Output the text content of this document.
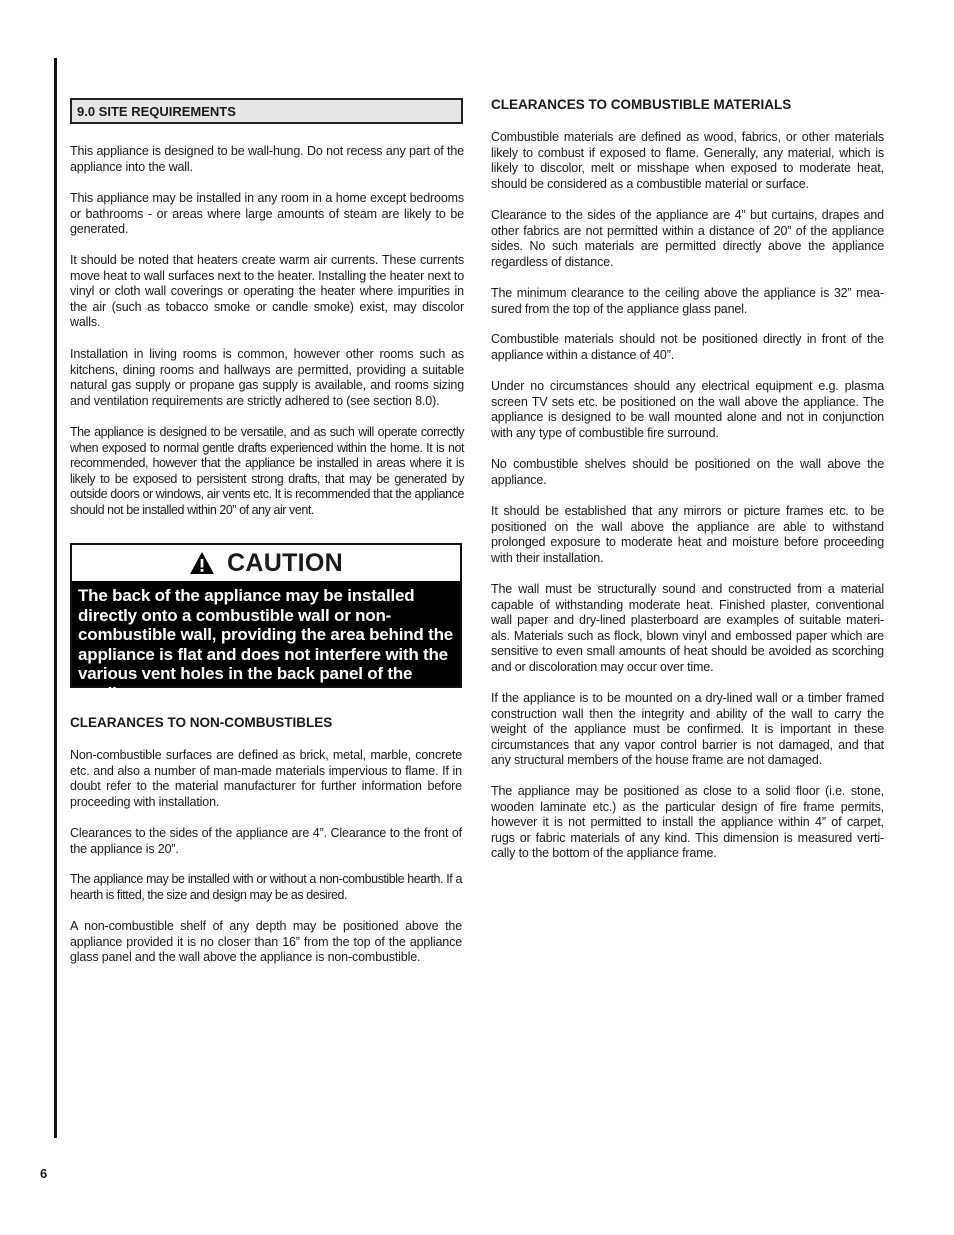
9.0 SITE REQUIREMENTS

This appliance is designed to be wall-hung. Do not recess any part of the appliance into the wall.

This appliance may be installed in any room in a home except bedrooms or bathrooms - or areas where large amounts of steam are likely to be generated.

It should be noted that heaters create warm air currents. These currents move heat to wall surfaces next to the heater. Installing the heater next to vinyl or cloth wall coverings or operating the heater where impurities in the air (such as tobacco smoke or candle smoke) exist, may discolor walls.

Installation in living rooms is common, however other rooms such as kitchens, dining rooms and hallways are permitted, providing a suitable natural gas supply or propane gas supply is available, and rooms sizing and ventilation requirements are strictly adhered to (see section 8.0).

The appliance is designed to be versatile, and as such will operate correctly when exposed to normal gentle drafts experienced within the home. It is not recommended, however that the appliance be installed in areas where it is likely to be exposed to persistent strong drafts, that may be generated by outside doors or windows, air vents etc. It is recommended that the appliance should not be installed within 20” of any air vent.

CAUTION
The back of the appliance may be installed directly onto a combustible wall or non-combustible wall, providing the area behind the appliance is flat and does not interfere with the various vent holes in the back panel of the appliance.
CLEARANCES TO NON-COMBUSTIBLES

Non-combustible surfaces are defined as brick, metal, marble, concrete etc. and also a number of man-made materials impervious to flame. If in doubt refer to the material manufacturer for further information before proceeding with installation.

Clearances to the sides of the appliance are 4”. Clearance to the front of the appliance is 20”.

The appliance may be installed with or without a non-combustible hearth. If a hearth is fitted, the size and design may be as desired.

A non-combustible shelf of any depth may be positioned above the appliance provided it is no closer than 16” from the top of the appliance glass panel and the wall above the appliance is non-combustible.

CLEARANCES TO COMBUSTIBLE MATERIALS

Combustible materials are defined as wood, fabrics, or other materials likely to combust if exposed to flame. Generally, any material, which is likely to discolor, melt or misshape when exposed to moderate heat, should be considered as a combustible material or surface.

Clearance to the sides of the appliance are 4” but curtains, drapes and other fabrics are not permitted within a distance of 20” of the appliance sides. No such materials are permitted directly above the appliance regardless of distance.

The minimum clearance to the ceiling above the appliance is 32” mea-sured from the top of the appliance glass panel.

Combustible materials should not be positioned directly in front of the appliance within a distance of 40”.

Under no circumstances should any electrical equipment e.g. plasma screen TV sets etc. be positioned on the wall above the appliance. The appliance is designed to be wall mounted alone and not in conjunction with any type of combustible fire surround.

No combustible shelves should be positioned on the wall above the appliance.

It should be established that any mirrors or picture frames etc. to be positioned on the wall above the appliance are able to withstand prolonged exposure to moderate heat and moisture before proceeding with their installation.

The wall must be structurally sound and constructed from a material capable of withstanding moderate heat. Finished plaster, conventional wall paper and dry-lined plasterboard are examples of suitable materi-als. Materials such as flock, blown vinyl and embossed paper which are sensitive to even small amounts of heat should be avoided as scorching and or discoloration may occur over time.

If the appliance is to be mounted on a dry-lined wall or a timber framed construction wall then the integrity and ability of the wall to carry the weight of the appliance must be confirmed. It is important in these circumstances that any vapor control barrier is not damaged, and that any structural members of the house frame are not damaged.

The appliance may be positioned as close to a solid floor (i.e. stone, wooden laminate etc.) as the particular design of fire frame permits, however it is not permitted to install the appliance within 4” of carpet, rugs or fabric materials of any kind. This dimension is measured verti-cally to the bottom of the appliance frame.

6
